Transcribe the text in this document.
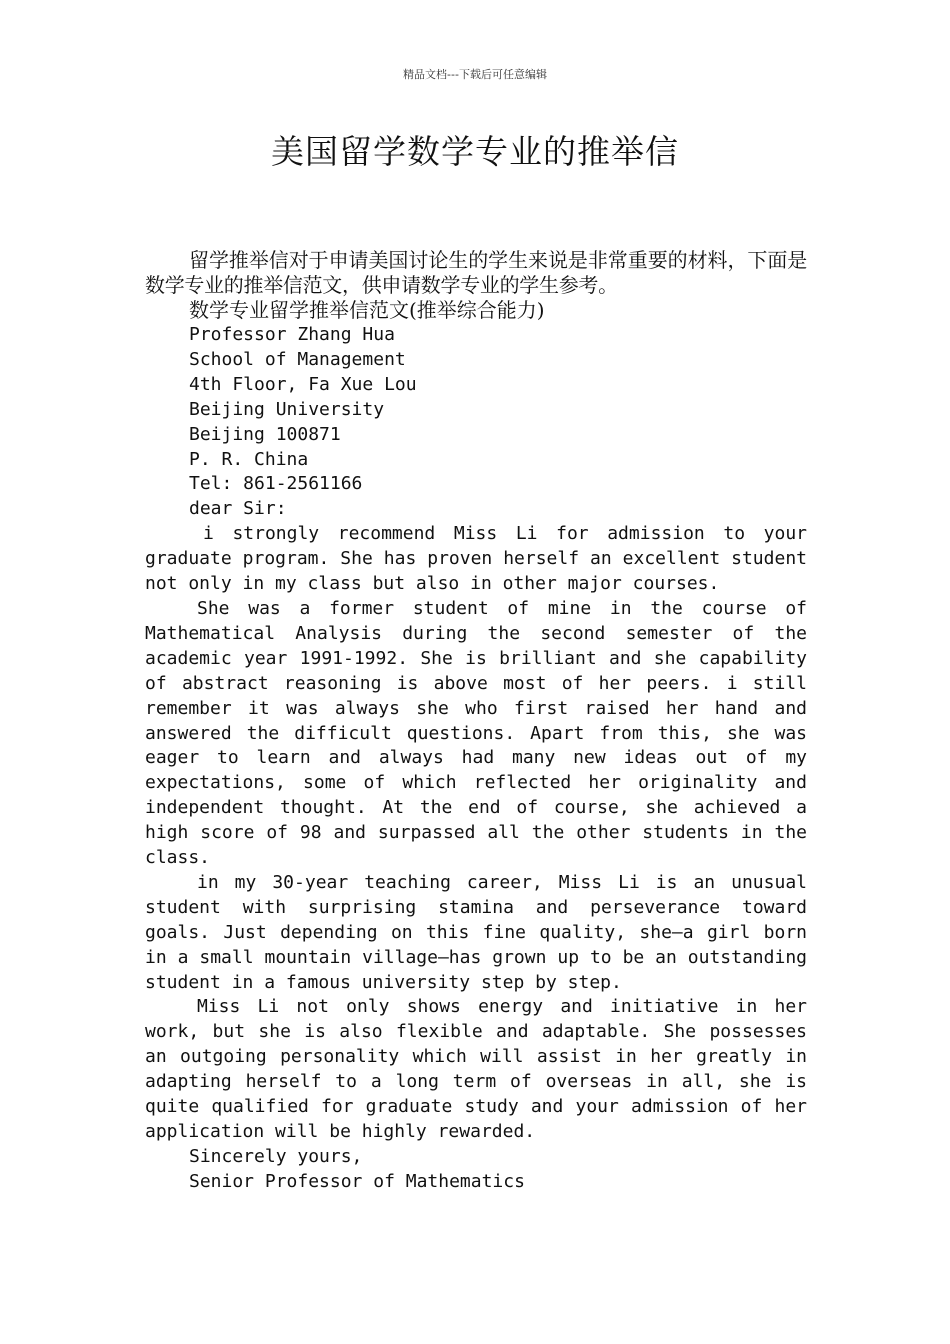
精品文档---下载后可任意编辑
美国留学数学专业的推举信

留学推举信对于申请美国讨论生的学生来说是非常重要的材料，下面是数学专业的推举信范文，供申请数学专业的学生参考。

数学专业留学推举信范文(推举综合能力)

Professor Zhang Hua

School of Management

4th Floor, Fa Xue Lou

Beijing University

Beijing 100871

P. R. China

Tel: 861-2561166

dear Sir:

i strongly recommend Miss Li for admission to your graduate program. She has proven herself an excellent student not only in my class but also in other major courses.

She was a former student of mine in the course of Mathematical Analysis during the second semester of the academic year 1991-1992. She is brilliant and she capability of abstract reasoning is above most of her peers. i still remember it was always she who first raised her hand and answered the difficult questions. Apart from this, she was eager to learn and always had many new ideas out of my expectations, some of which reflected her originality and independent thought. At the end of course, she achieved a high score of 98 and surpassed all the other students in the class.

in my 30-year teaching career, Miss Li is an unusual student with surprising stamina and perseverance toward goals. Just depending on this fine quality, she—a girl born in a small mountain village—has grown up to be an outstanding student in a famous university step by step.

Miss Li not only shows energy and initiative in her work, but she is also flexible and adaptable. She possesses an outgoing personality which will assist in her greatly in adapting herself to a long term of overseas in all, she is quite qualified for graduate study and your admission of her application will be highly rewarded.

Sincerely yours,

Senior Professor of Mathematics
